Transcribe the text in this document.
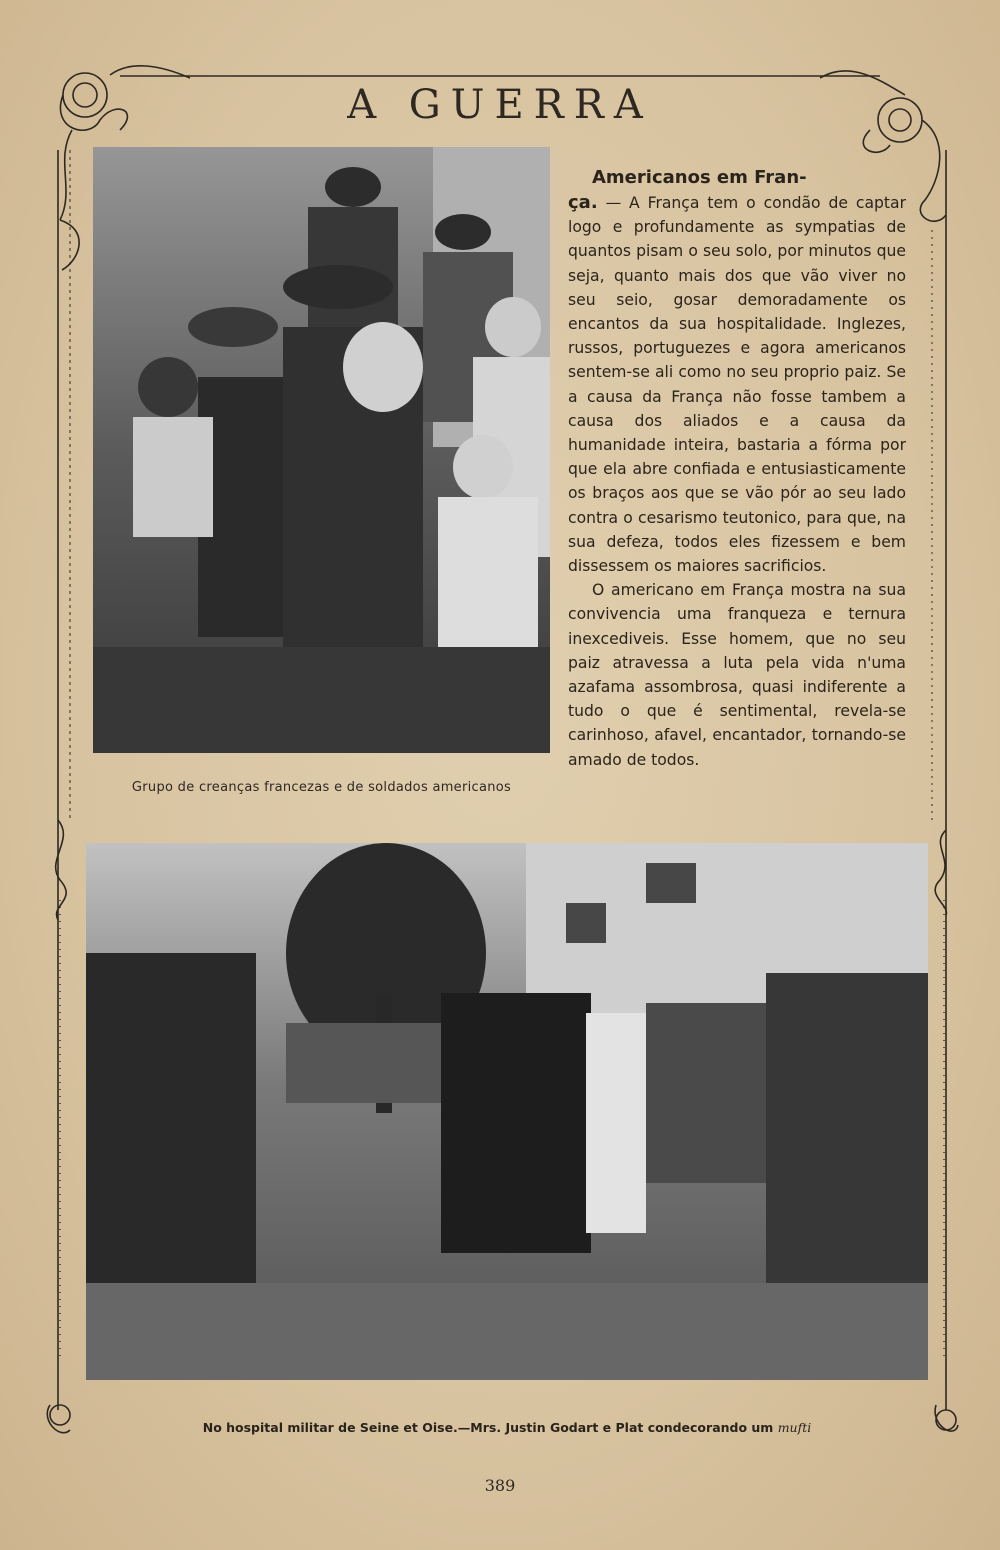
A GUERRA
Grupo de creanças francezas e de soldados americanos
Americanos em Fran-

ça. — A França tem o condão de captar logo e profundamente as sympatias de quantos pisam o seu solo, por minutos que seja, quanto mais dos que vão viver no seu seio, gosar demoradamente os encantos da sua hospitalidade. Inglezes, russos, portuguezes e agora americanos sentem-se ali como no seu proprio paiz. Se a causa da França não fosse tambem a causa dos aliados e a causa da humanidade inteira, bastaria a fórma por que ela abre confiada e entusiasticamente os braços aos que se vão pór ao seu lado contra o cesarismo teutonico, para que, na sua defeza, todos eles fizessem e bem dissessem os maiores sacrificios.

O americano em França mostra na sua convivencia uma franqueza e ternura inexcediveis. Esse homem, que no seu paiz atravessa a luta pela vida n'uma azafama assombrosa, quasi indiferente a tudo o que é sentimental, revela-se carinhoso, afavel, encantador, tornando-se amado de todos.

No hospital militar de Seine et Oise.—Mrs. Justin Godart e Plat condecorando um mufti
389
